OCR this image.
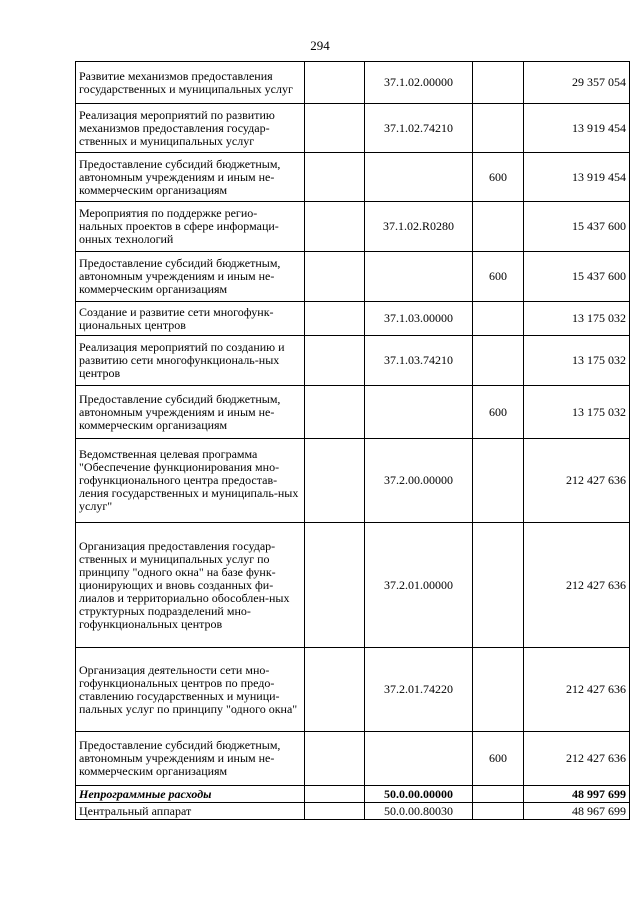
294
Развитие механизмов предоставления государственных и муниципальных услуг		37.1.02.00000		29 357 054
Реализация мероприятий по развитию механизмов предоставления государ-ственных и муниципальных услуг		37.1.02.74210		13 919 454
Предоставление субсидий бюджетным, автономным учреждениям и иным не-коммерческим организациям			600	13 919 454
Мероприятия по поддержке регио-нальных проектов в сфере информаци-онных технологий		37.1.02.R0280		15 437 600
Предоставление субсидий бюджетным, автономным учреждениям и иным не-коммерческим организациям			600	15 437 600
Создание и развитие сети многофунк-циональных центров		37.1.03.00000		13 175 032
Реализация мероприятий по созданию и развитию сети многофункциональ-ных центров		37.1.03.74210		13 175 032
Предоставление субсидий бюджетным, автономным учреждениям и иным не-коммерческим организациям			600	13 175 032
Ведомственная целевая программа "Обеспечение функционирования мно-гофункционального центра предостав-ления государственных и муниципаль-ных услуг"		37.2.00.00000		212 427 636
Организация предоставления государ-ственных и муниципальных услуг по принципу "одного окна" на базе функ-ционирующих и вновь созданных фи-лиалов и территориально обособлен-ных структурных подразделений мно-гофункциональных центров		37.2.01.00000		212 427 636
Организация деятельности сети мно-гофункциональных центров по предо-ставлению государственных и муници-пальных услуг по принципу "одного окна"		37.2.01.74220		212 427 636
Предоставление субсидий бюджетным, автономным учреждениям и иным не-коммерческим организациям			600	212 427 636
Непрограммные расходы		50.0.00.00000		48 997 699
Центральный аппарат		50.0.00.80030		48 967 699
